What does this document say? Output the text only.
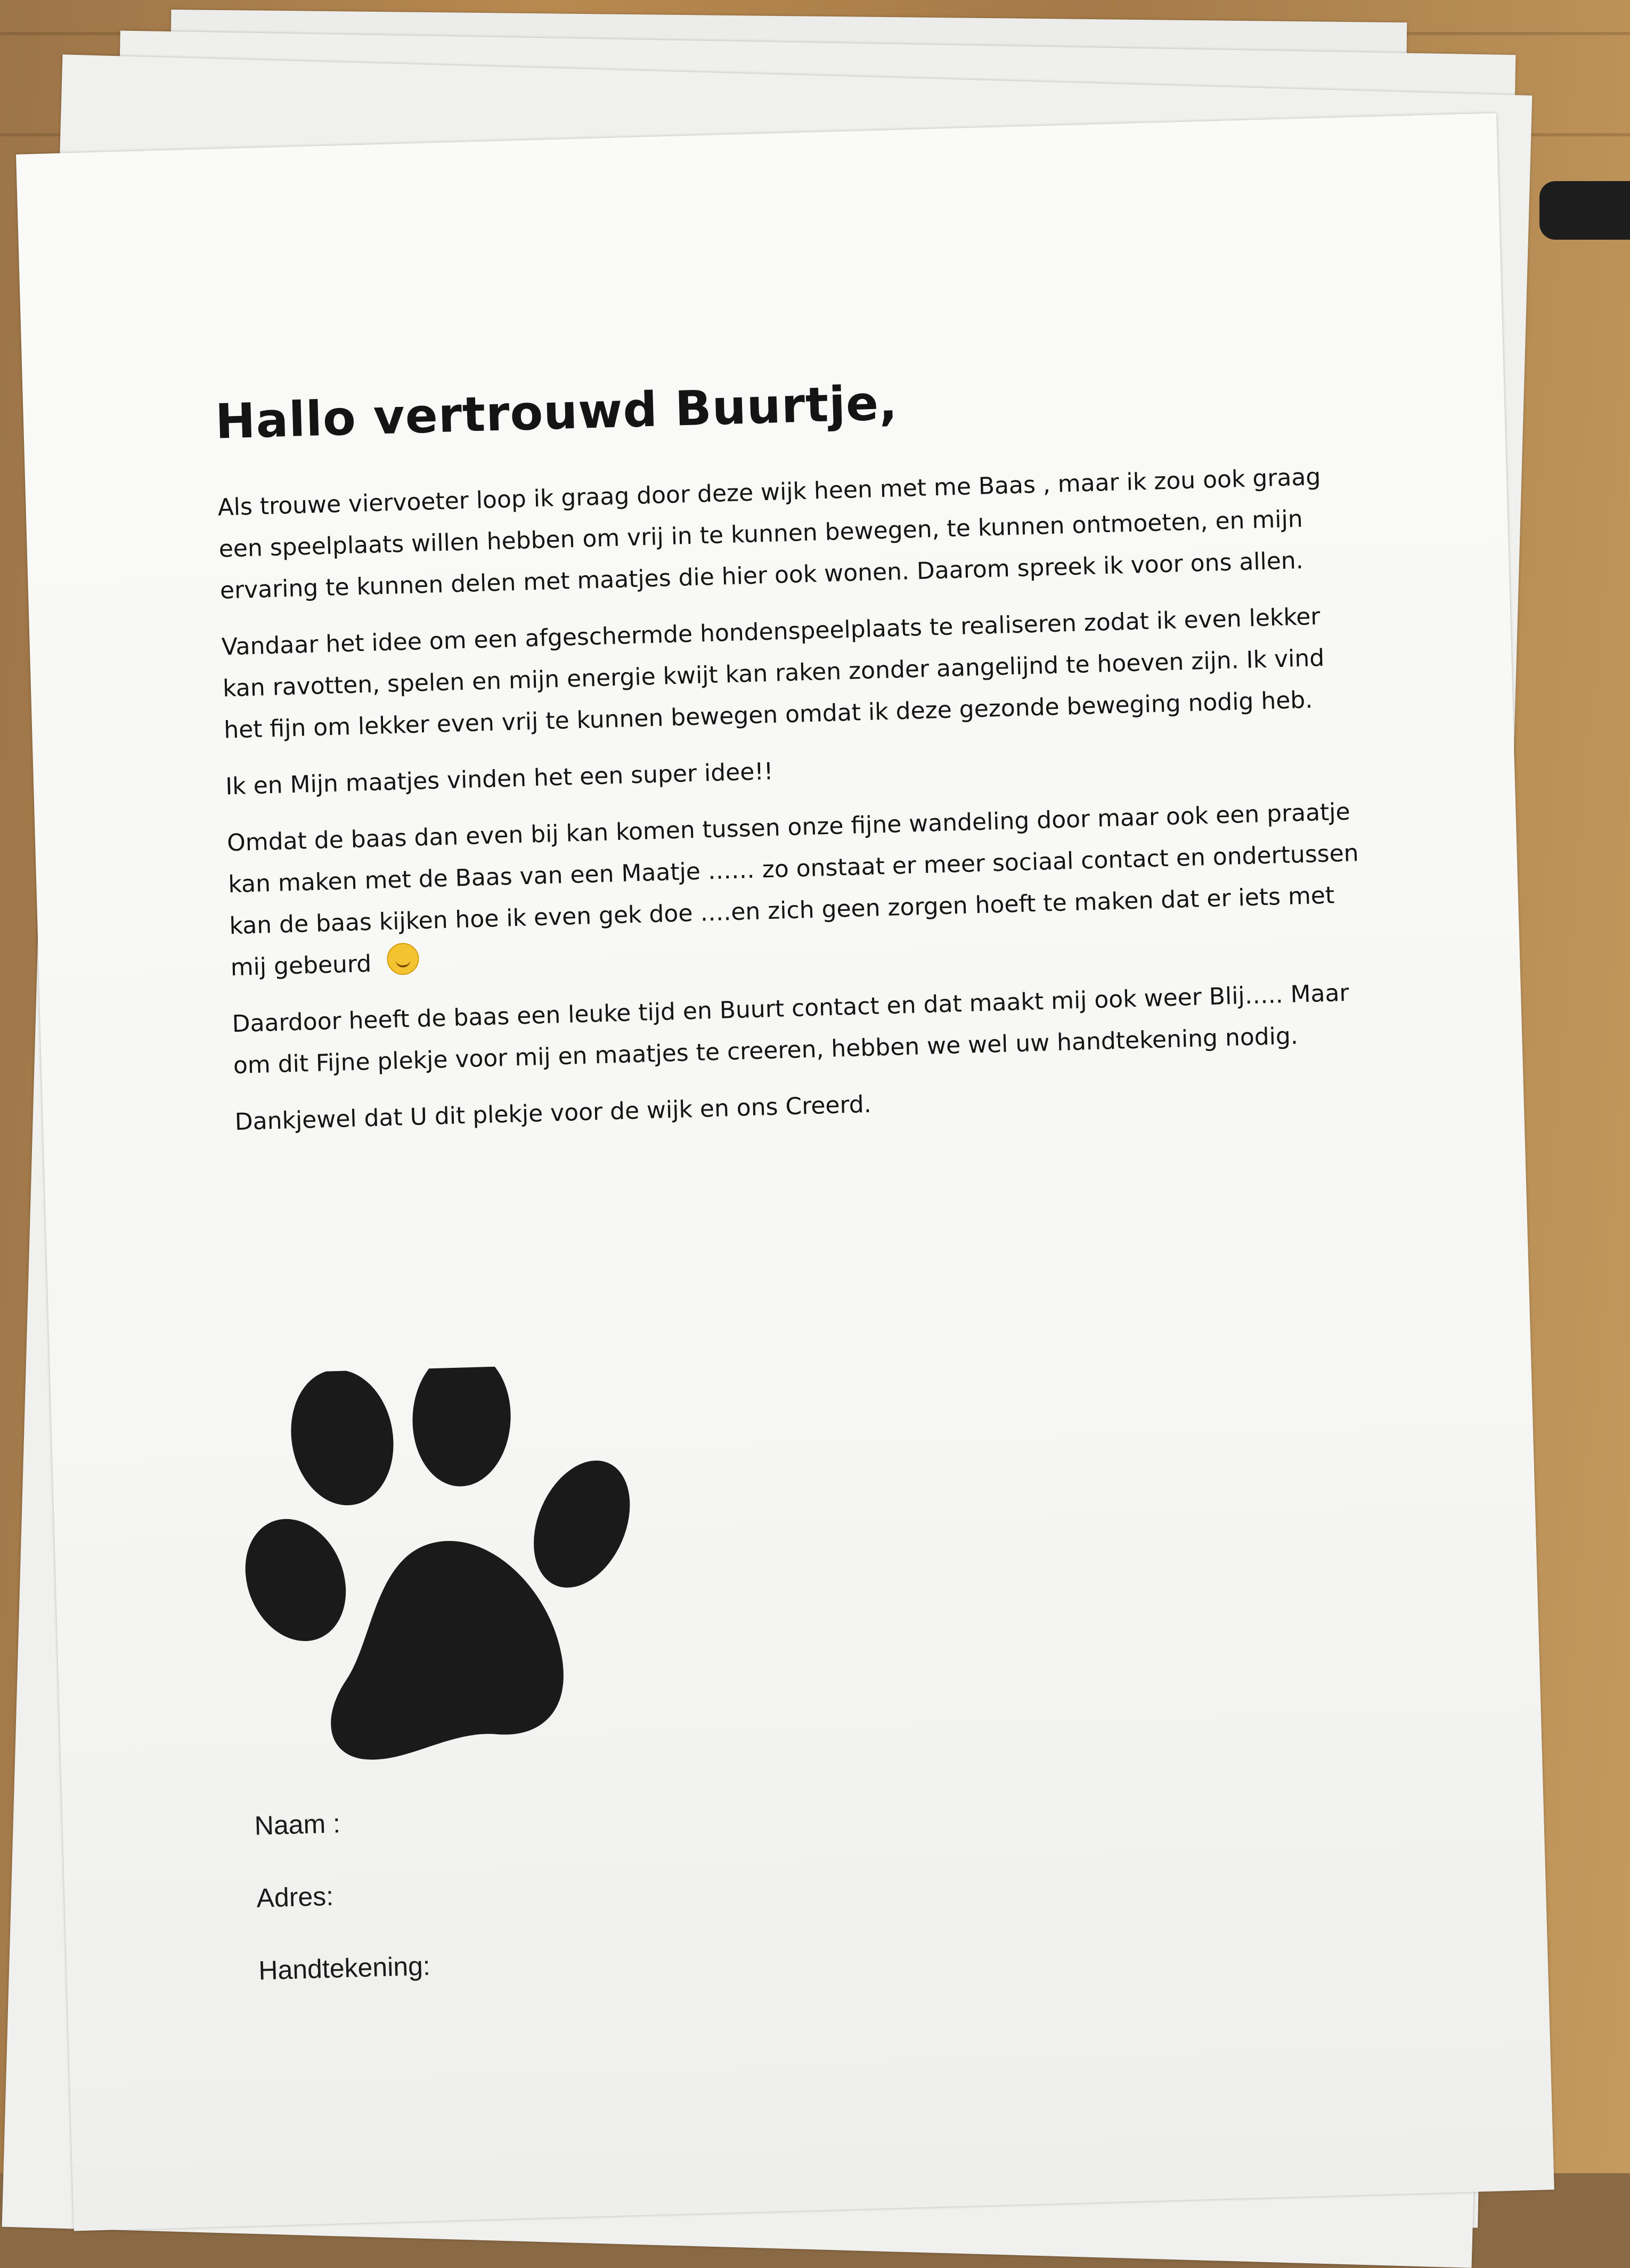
Hallo vertrouwd Buurtje,

Als trouwe viervoeter loop ik graag door deze wijk heen met me Baas , maar ik zou ook graag een speelplaats willen hebben om vrij in te kunnen bewegen, te kunnen ontmoeten, en mijn ervaring te kunnen delen met maatjes die hier ook wonen. Daarom spreek ik voor ons allen.

Vandaar het idee om een afgeschermde hondenspeelplaats te realiseren zodat ik even lekker kan ravotten, spelen en mijn energie kwijt kan raken zonder aangelijnd te hoeven zijn. Ik vind het fijn om lekker even vrij te kunnen bewegen omdat ik deze gezonde beweging nodig heb.

Ik en Mijn maatjes vinden het een super idee!!

Omdat de baas dan even bij kan komen tussen onze fijne wandeling door maar ook een praatje kan maken met de Baas van een Maatje …… zo onstaat er meer sociaal contact en ondertussen kan de baas kijken hoe ik even gek doe ….en zich geen zorgen hoeft te maken dat er iets met mij gebeurd

Daardoor heeft de baas een leuke tijd en Buurt contact en dat maakt mij ook weer Blij….. Maar om dit Fijne plekje voor mij en maatjes te creeren, hebben we wel uw handtekening nodig.

Dankjewel dat U dit plekje voor de wijk en ons Creerd.

Naam :
Adres:
Handtekening:
